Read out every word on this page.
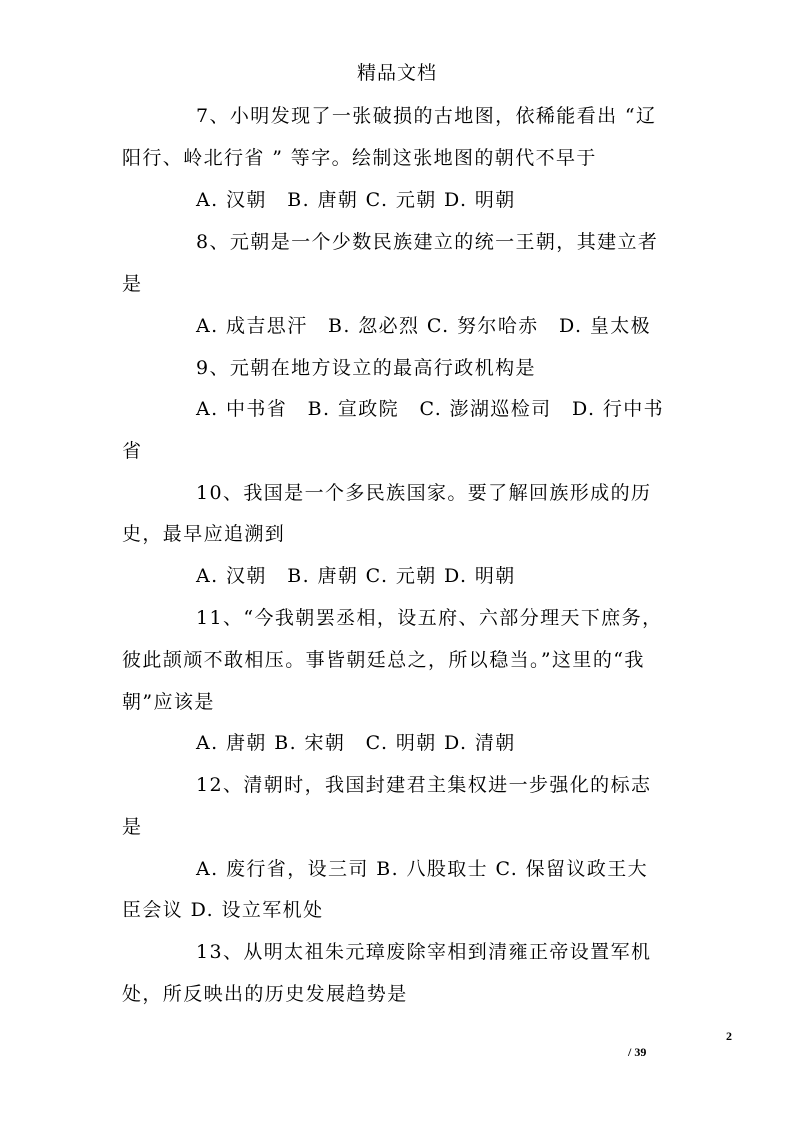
精品文档
7、小明发现了一张破损的古地图，依稀能看出 “辽
阳行、岭北行省 ” 等字。绘制这张地图的朝代不早于
A. 汉朝　B. 唐朝 C. 元朝 D. 明朝
8、元朝是一个少数民族建立的统一王朝，其建立者
是
A. 成吉思汗　B. 忽必烈 C. 努尔哈赤　D. 皇太极
9、元朝在地方设立的最高行政机构是
A. 中书省　B. 宣政院　C. 澎湖巡检司　D. 行中书
省
10、我国是一个多民族国家。要了解回族形成的历
史，最早应追溯到
A. 汉朝　B. 唐朝 C. 元朝 D. 明朝
11、“今我朝罢丞相，设五府、六部分理天下庶务，
彼此颉颃不敢相压。事皆朝廷总之，所以稳当。”这里的“我
朝”应该是
A. 唐朝 B. 宋朝　C. 明朝 D. 清朝
12、清朝时，我国封建君主集权进一步强化的标志
是
A. 废行省，设三司 B. 八股取士 C. 保留议政王大
臣会议 D. 设立军机处
13、从明太祖朱元璋废除宰相到清雍正帝设置军机
处，所反映出的历史发展趋势是
2
/ 39
